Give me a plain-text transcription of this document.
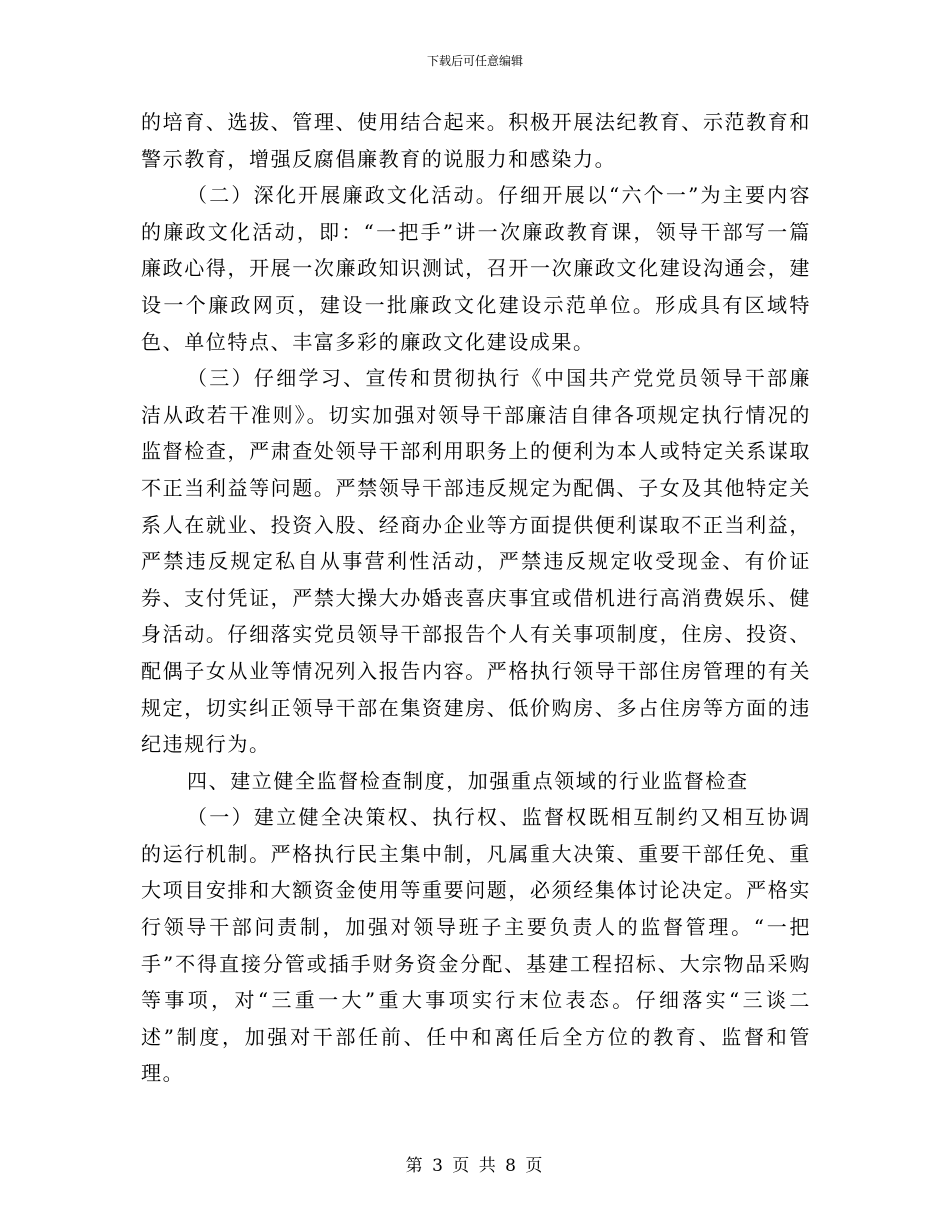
下载后可任意编辑

的培育、选拔、管理、使用结合起来。积极开展法纪教育、示范教育和警示教育，增强反腐倡廉教育的说服力和感染力。

（二）深化开展廉政文化活动。仔细开展以“六个一”为主要内容的廉政文化活动，即：“一把手”讲一次廉政教育课，领导干部写一篇廉政心得，开展一次廉政知识测试，召开一次廉政文化建设沟通会，建设一个廉政网页，建设一批廉政文化建设示范单位。形成具有区域特色、单位特点、丰富多彩的廉政文化建设成果。

（三）仔细学习、宣传和贯彻执行《中国共产党党员领导干部廉洁从政若干准则》。切实加强对领导干部廉洁自律各项规定执行情况的监督检查，严肃查处领导干部利用职务上的便利为本人或特定关系谋取不正当利益等问题。严禁领导干部违反规定为配偶、子女及其他特定关系人在就业、投资入股、经商办企业等方面提供便利谋取不正当利益，严禁违反规定私自从事营利性活动，严禁违反规定收受现金、有价证券、支付凭证，严禁大操大办婚丧喜庆事宜或借机进行高消费娱乐、健身活动。仔细落实党员领导干部报告个人有关事项制度，住房、投资、配偶子女从业等情况列入报告内容。严格执行领导干部住房管理的有关规定，切实纠正领导干部在集资建房、低价购房、多占住房等方面的违纪违规行为。

四、建立健全监督检查制度，加强重点领域的行业监督检查

（一）建立健全决策权、执行权、监督权既相互制约又相互协调的运行机制。严格执行民主集中制，凡属重大决策、重要干部任免、重大项目安排和大额资金使用等重要问题，必须经集体讨论决定。严格实行领导干部问责制，加强对领导班子主要负责人的监督管理。“一把手”不得直接分管或插手财务资金分配、基建工程招标、大宗物品采购等事项，对“三重一大”重大事项实行末位表态。仔细落实“三谈二述”制度，加强对干部任前、任中和离任后全方位的教育、监督和管理。

第 3 页 共 8 页
